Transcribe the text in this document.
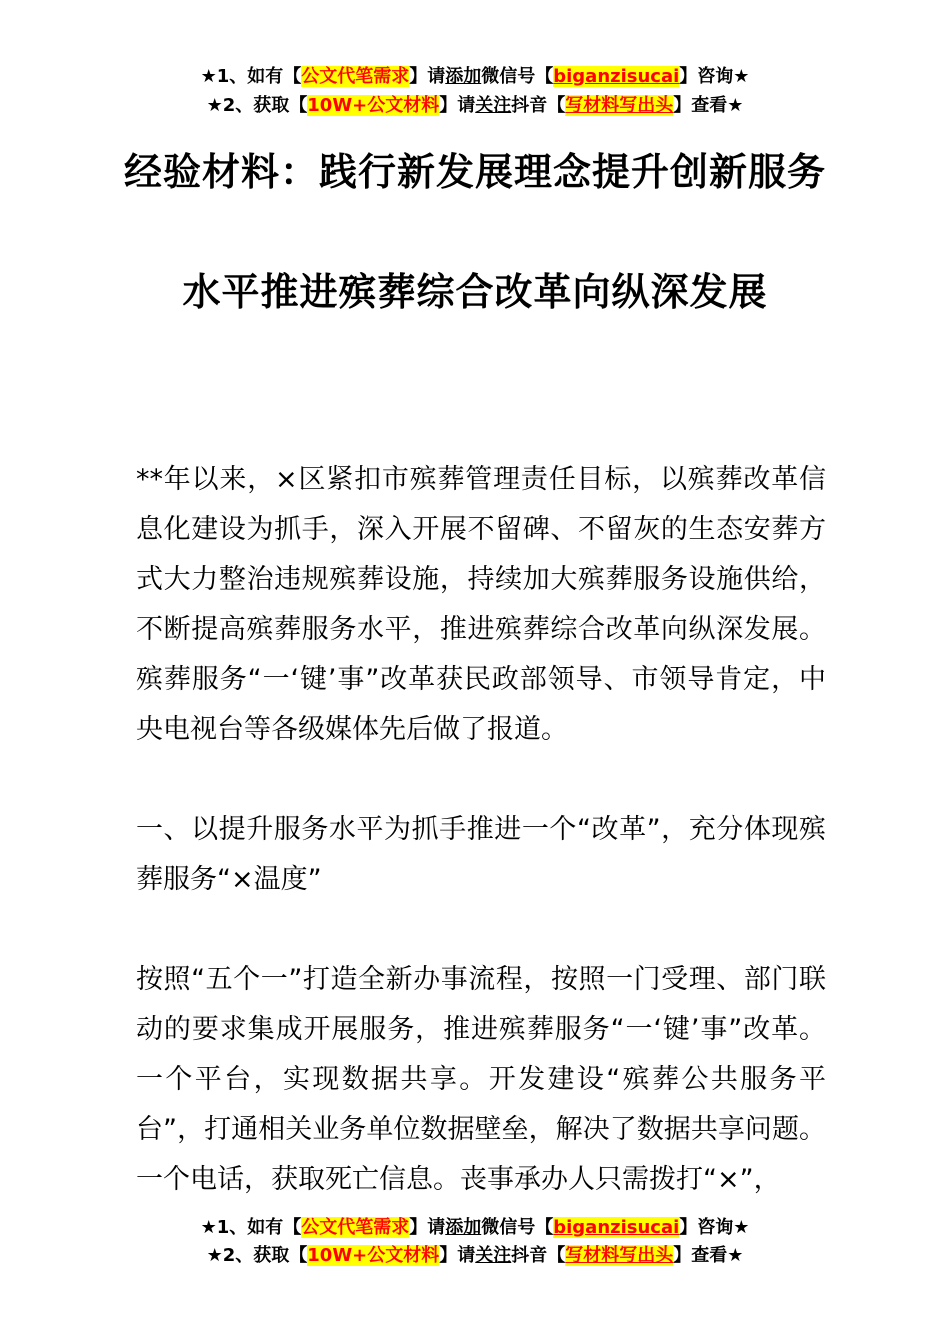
★1、如有【公文代笔需求】请添加微信号【biganzisucai】咨询★
★2、获取【10W+公文材料】请关注抖音【写材料写出头】查看★
经验材料：践行新发展理念提升创新服务
水平推进殡葬综合改革向纵深发展

**年以来，×区紧扣市殡葬管理责任目标，以殡葬改革信息化建设为抓手，深入开展不留碑、不留灰的生态安葬方式大力整治违规殡葬设施，持续加大殡葬服务设施供给，不断提高殡葬服务水平，推进殡葬综合改革向纵深发展。殡葬服务“一‘键’事”改革获民政部领导、市领导肯定，中央电视台等各级媒体先后做了报道。

一、以提升服务水平为抓手推进一个“改革”，充分体现殡葬服务“×温度”

按照“五个一”打造全新办事流程，按照一门受理、部门联动的要求集成开展服务，推进殡葬服务“一‘键’事”改革。一个平台，实现数据共享。开发建设“殡葬公共服务平台”，打通相关业务单位数据壁垒，解决了数据共享问题。一个电话，获取死亡信息。丧事承办人只需拨打“×”，

★1、如有【公文代笔需求】请添加微信号【biganzisucai】咨询★
★2、获取【10W+公文材料】请关注抖音【写材料写出头】查看★
